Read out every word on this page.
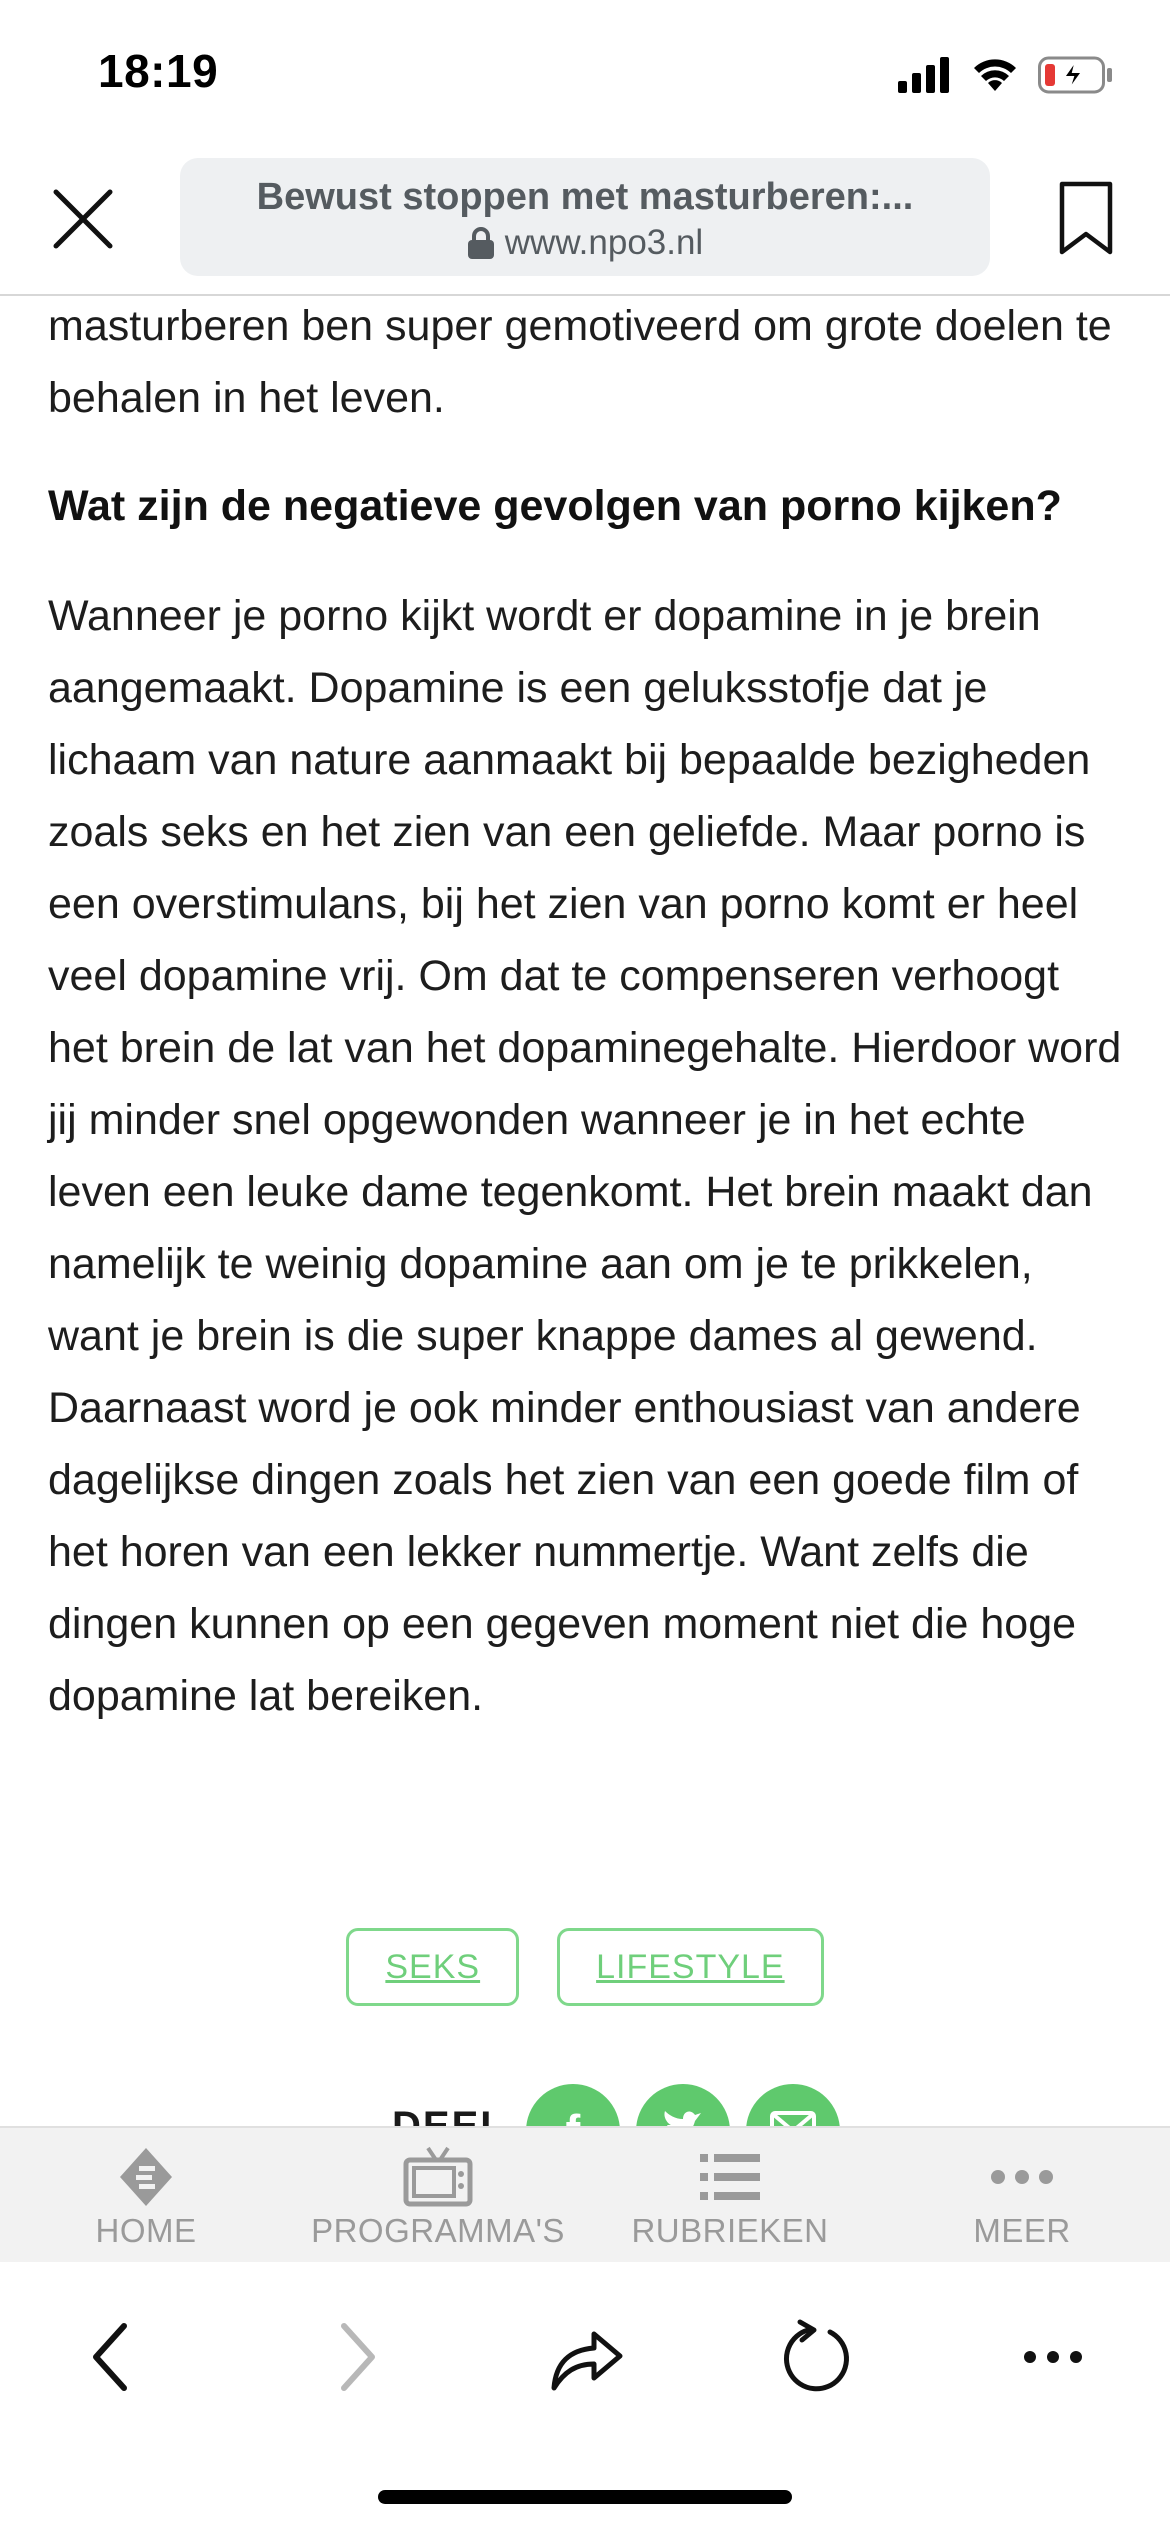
18:19
Bewust stoppen met masturberen:...
www.npo3.nl

masturberen ben super gemotiveerd om grote doelen te behalen in het leven.

Wat zijn de negatieve gevolgen van porno kijken?

Wanneer je porno kijkt wordt er dopamine in je brein aangemaakt. Dopamine is een geluksstofje dat je lichaam van nature aanmaakt bij bepaalde bezigheden zoals seks en het zien van een geliefde. Maar porno is een overstimulans, bij het zien van porno komt er heel veel dopamine vrij. Om dat te compenseren verhoogt het brein de lat van het dopaminegehalte. Hierdoor word jij minder snel opgewonden wanneer je in het echte leven een leuke dame tegenkomt. Het brein maakt dan namelijk te weinig dopamine aan om je te prikkelen, want je brein is die super knappe dames al gewend. Daarnaast word je ook minder enthousiast van andere dagelijkse dingen zoals het zien van een goede film of het horen van een lekker nummertje. Want zelfs die dingen kunnen op een gegeven moment niet die hoge dopamine lat bereiken.

SEKS	LIFESTYLE
HOME	PROGRAMMA'S	RUBRIEKEN	MEER
